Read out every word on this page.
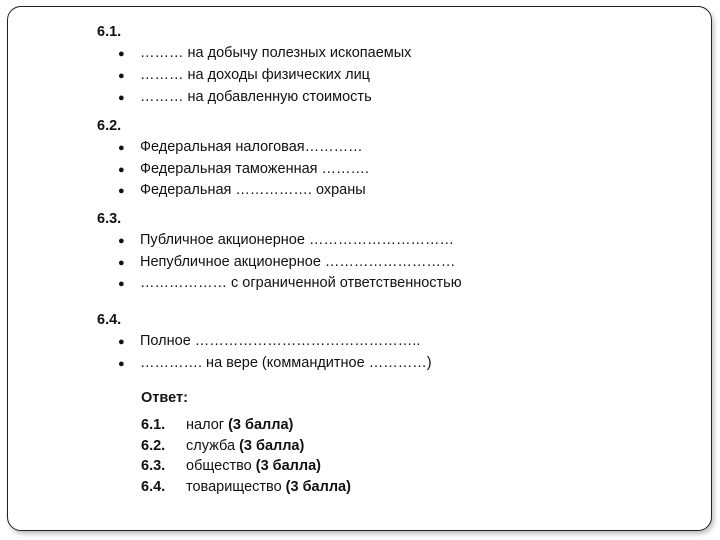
6.1.
● ……… на добычу полезных ископаемых
● ……… на доходы физических лиц
● ……… на добавленную стоимость
6.2.
● Федеральная налоговая…………
● Федеральная таможенная ……….
● Федеральная ……………. охраны
6.3.
● Публичное акционерное …………………………
● Непубличное акционерное ………………………
● ……………… с ограниченной ответственностью
6.4.
● Полное ………………………………………..
● …………. на вере (коммандитное …………)
Ответ:
6.1. налог (3 балла)
6.2. служба (3 балла)
6.3. общество (3 балла)
6.4. товарищество (3 балла)
